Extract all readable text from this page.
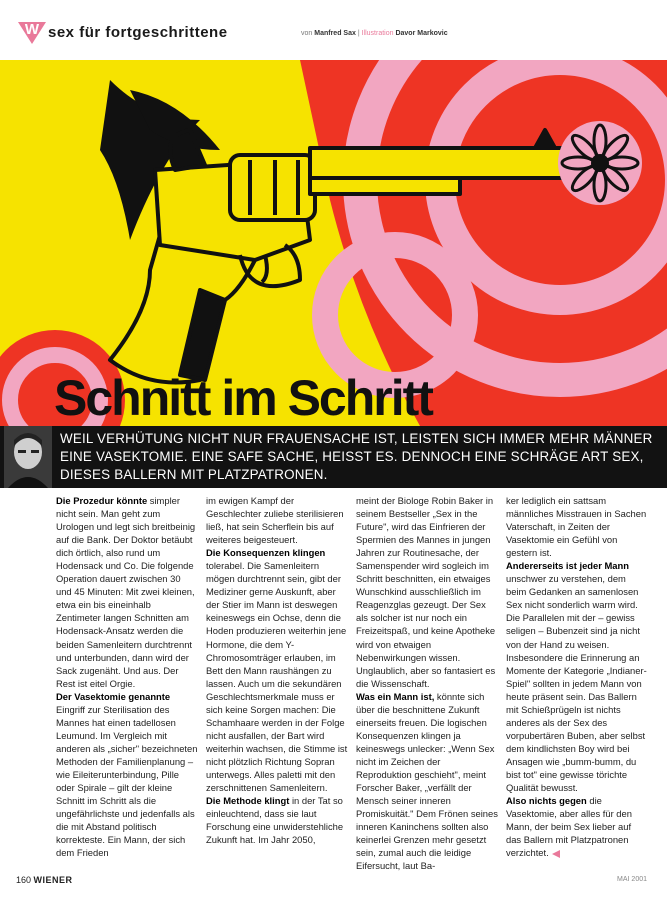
W sex für fortgeschrittene	von Manfred Sax | Illustration Davor Markovic
Schnitt im Schritt
WEIL VERHÜTUNG NICHT NUR FRAUENSACHE IST, LEISTEN SICH IMMER MEHR MÄNNER EINE VASEKTOMIE. EINE SAFE SACHE, HEISST ES. DENNOCH EINE SCHRÄGE ART SEX, DIESES BALLERN MIT PLATZPATRONEN.

Die Prozedur könnte simpler nicht sein. Man geht zum Urologen und legt sich breitbeinig auf die Bank. Der Doktor betäubt dich örtlich, also rund um Hodensack und Co. Die folgende Operation dauert zwischen 30 und 45 Minuten: Mit zwei kleinen, etwa ein bis eineinhalb Zentimeter langen Schnitten am Hodensack-Ansatz werden die beiden Samenleitern durchtrennt und unterbunden, dann wird der Sack zugenäht. Und aus. Der Rest ist eitel Orgie.

Der Vasektomie genannte Eingriff zur Sterilisation des Mannes hat einen tadellosen Leumund. Im Vergleich mit anderen als „sicher" bezeichneten Methoden der Familienplanung – wie Eileiterunterbindung, Pille oder Spirale – gilt der kleine Schnitt im Schritt als die ungefährlichste und jedenfalls als die mit Abstand politisch korrekteste. Ein Mann, der sich dem Frieden

im ewigen Kampf der Geschlechter zuliebe sterilisieren ließ, hat sein Scherflein bis auf weiteres beigesteuert.

Die Konsequenzen klingen tolerabel. Die Samenleitern mögen durchtrennt sein, gibt der Mediziner gerne Auskunft, aber der Stier im Mann ist deswegen keineswegs ein Ochse, denn die Hoden produzieren weiterhin jene Hormone, die dem Y-Chromosomträger erlauben, im Bett den Mann raushängen zu lassen. Auch um die sekundären Geschlechtsmerkmale muss er sich keine Sorgen machen: Die Schamhaare werden in der Folge nicht ausfallen, der Bart wird weiterhin wachsen, die Stimme ist nicht plötzlich Richtung Sopran unterwegs. Alles paletti mit den zerschnittenen Samenleitern.

Die Methode klingt in der Tat so einleuchtend, dass sie laut Forschung eine unwiderstehliche Zukunft hat. Im Jahr 2050,

meint der Biologe Robin Baker in seinem Bestseller „Sex in the Future", wird das Einfrieren der Spermien des Mannes in jungen Jahren zur Routinesache, der Samenspender wird sogleich im Schritt beschnitten, ein etwaiges Wunschkind ausschließlich im Reagenzglas gezeugt. Der Sex als solcher ist nur noch ein Freizeitspaß, und keine Apotheke wird von etwaigen Nebenwirkungen wissen. Unglaublich, aber so fantasiert es die Wissenschaft.

Was ein Mann ist, könnte sich über die beschnittene Zukunft einerseits freuen. Die logischen Konsequenzen klingen ja keineswegs unlecker: „Wenn Sex nicht im Zeichen der Reproduktion geschieht", meint Forscher Baker, „verfällt der Mensch seiner inneren Promiskuität." Dem Frönen seines inneren Kaninchens sollten also keinerlei Grenzen mehr gesetzt sein, zumal auch die leidige Eifersucht, laut Ba-

ker lediglich ein sattsam männliches Misstrauen in Sachen Vaterschaft, in Zeiten der Vasektomie ein Gefühl von gestern ist.

Andererseits ist jeder Mann unschwer zu verstehen, dem beim Gedanken an samenlosen Sex nicht sonderlich warm wird. Die Parallelen mit der – gewiss seligen – Bubenzeit sind ja nicht von der Hand zu weisen. Insbesondere die Erinnerung an Momente der Kategorie „Indianer-Spiel" sollten in jedem Mann von heute präsent sein. Das Ballern mit Schießprügeln ist nichts anderes als der Sex des vorpubertären Buben, aber selbst dem kindlichsten Boy wird bei Ansagen wie „bumm-bumm, du bist tot" eine gewisse törichte Qualität bewusst.

Also nichts gegen die Vasektomie, aber alles für den Mann, der beim Sex lieber auf das Ballern mit Platzpatronen verzichtet.

160 WIENER	MAI 2001
